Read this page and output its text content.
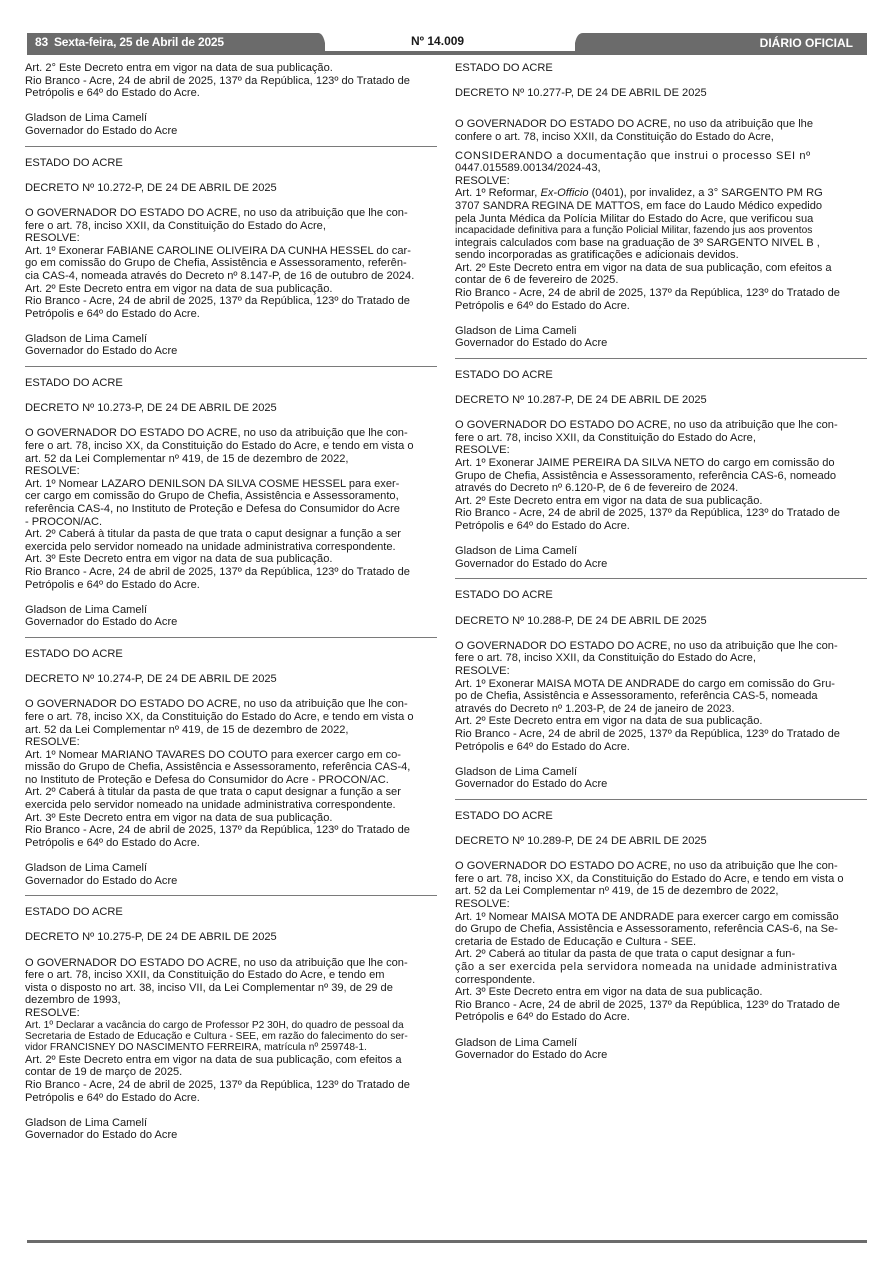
83 Sexta-feira, 25 de Abril de 2025	Nº 14.009	DIÁRIO OFICIAL

Art. 2° Este Decreto entra em vigor na data de sua publicação.

Rio Branco - Acre, 24 de abril de 2025, 137º da República, 123º do Tratado de

Petrópolis e 64º do Estado do Acre.

Gladson de Lima Camelí

Governador do Estado do Acre

ESTADO DO ACRE

DECRETO Nº 10.272-P, DE 24 DE ABRIL DE 2025

O GOVERNADOR DO ESTADO DO ACRE, no uso da atribuição que lhe con-

fere o art. 78, inciso XXII, da Constituição do Estado do Acre,

RESOLVE:

Art. 1º Exonerar FABIANE CAROLINE OLIVEIRA DA CUNHA HESSEL do car-

go em comissão do Grupo de Chefia, Assistência e Assessoramento, referên-

cia CAS-4, nomeada através do Decreto nº 8.147-P, de 16 de outubro de 2024.

Art. 2º Este Decreto entra em vigor na data de sua publicação.

Rio Branco - Acre, 24 de abril de 2025, 137º da República, 123º do Tratado de

Petrópolis e 64º do Estado do Acre.

Gladson de Lima Camelí

Governador do Estado do Acre

ESTADO DO ACRE

DECRETO Nº 10.273-P, DE 24 DE ABRIL DE 2025

O GOVERNADOR DO ESTADO DO ACRE, no uso da atribuição que lhe con-

fere o art. 78, inciso XX, da Constituição do Estado do Acre, e tendo em vista o

art. 52 da Lei Complementar nº 419, de 15 de dezembro de 2022,

RESOLVE:

Art. 1º Nomear LAZARO DENILSON DA SILVA COSME HESSEL para exer-

cer cargo em comissão do Grupo de Chefia, Assistência e Assessoramento,

referência CAS-4, no Instituto de Proteção e Defesa do Consumidor do Acre

- PROCON/AC.

Art. 2º Caberá à titular da pasta de que trata o caput designar a função a ser

exercida pelo servidor nomeado na unidade administrativa correspondente.

Art. 3º Este Decreto entra em vigor na data de sua publicação.

Rio Branco - Acre, 24 de abril de 2025, 137º da República, 123º do Tratado de

Petrópolis e 64º do Estado do Acre.

Gladson de Lima Camelí

Governador do Estado do Acre

ESTADO DO ACRE

DECRETO Nº 10.274-P, DE 24 DE ABRIL DE 2025

O GOVERNADOR DO ESTADO DO ACRE, no uso da atribuição que lhe con-

fere o art. 78, inciso XX, da Constituição do Estado do Acre, e tendo em vista o

art. 52 da Lei Complementar nº 419, de 15 de dezembro de 2022,

RESOLVE:

Art. 1º Nomear MARIANO TAVARES DO COUTO para exercer cargo em co-

missão do Grupo de Chefia, Assistência e Assessoramento, referência CAS-4,

no Instituto de Proteção e Defesa do Consumidor do Acre - PROCON/AC.

Art. 2º Caberá à titular da pasta de que trata o caput designar a função a ser

exercida pelo servidor nomeado na unidade administrativa correspondente.

Art. 3º Este Decreto entra em vigor na data de sua publicação.

Rio Branco - Acre, 24 de abril de 2025, 137º da República, 123º do Tratado de

Petrópolis e 64º do Estado do Acre.

Gladson de Lima Camelí

Governador do Estado do Acre

ESTADO DO ACRE

DECRETO Nº 10.275-P, DE 24 DE ABRIL DE 2025

O GOVERNADOR DO ESTADO DO ACRE, no uso da atribuição que lhe con-

fere o art. 78, inciso XXII, da Constituição do Estado do Acre, e tendo em

vista o disposto no art. 38, inciso VII, da Lei Complementar nº 39, de 29 de

dezembro de 1993,

RESOLVE:

Art. 1º Declarar a vacância do cargo de Professor P2 30H, do quadro de pessoal da

Secretaria de Estado de Educação e Cultura - SEE, em razão do falecimento do ser-

vidor FRANCISNEY DO NASCIMENTO FERREIRA, matrícula nº 259748-1.

Art. 2º Este Decreto entra em vigor na data de sua publicação, com efeitos a

contar de 19 de março de 2025.

Rio Branco - Acre, 24 de abril de 2025, 137º da República, 123º do Tratado de

Petrópolis e 64º do Estado do Acre.

Gladson de Lima Camelí

Governador do Estado do Acre

ESTADO DO ACRE

DECRETO Nº 10.277-P, DE 24 DE ABRIL DE 2025

O GOVERNADOR DO ESTADO DO ACRE, no uso da atribuição que lhe

confere o art. 78, inciso XXII, da Constituição do Estado do Acre,

CONSIDERANDO a documentação que instrui o processo SEI nº

0447.015589.00134/2024-43,

RESOLVE:

Art. 1º Reformar, Ex-Officio (0401), por invalidez, a 3° SARGENTO PM RG

3707 SANDRA REGINA DE MATTOS, em face do Laudo Médico expedido

pela Junta Médica da Polícia Militar do Estado do Acre, que verificou sua

incapacidade definitiva para a função Policial Militar, fazendo jus aos proventos

integrais calculados com base na graduação de 3º SARGENTO NIVEL B ,

sendo incorporadas as gratificações e adicionais devidos.

Art. 2º Este Decreto entra em vigor na data de sua publicação, com efeitos a

contar de 6 de fevereiro de 2025.

Rio Branco - Acre, 24 de abril de 2025, 137º da República, 123º do Tratado de

Petrópolis e 64º do Estado do Acre.

Gladson de Lima Cameli

Governador do Estado do Acre

ESTADO DO ACRE

DECRETO Nº 10.287-P, DE 24 DE ABRIL DE 2025

O GOVERNADOR DO ESTADO DO ACRE, no uso da atribuição que lhe con-

fere o art. 78, inciso XXII, da Constituição do Estado do Acre,

RESOLVE:

Art. 1º Exonerar JAIME PEREIRA DA SILVA NETO do cargo em comissão do

Grupo de Chefia, Assistência e Assessoramento, referência CAS-6, nomeado

através do Decreto nº 6.120-P, de 6 de fevereiro de 2024.

Art. 2º Este Decreto entra em vigor na data de sua publicação.

Rio Branco - Acre, 24 de abril de 2025, 137º da República, 123º do Tratado de

Petrópolis e 64º do Estado do Acre.

Gladson de Lima Camelí

Governador do Estado do Acre

ESTADO DO ACRE

DECRETO Nº 10.288-P, DE 24 DE ABRIL DE 2025

O GOVERNADOR DO ESTADO DO ACRE, no uso da atribuição que lhe con-

fere o art. 78, inciso XXII, da Constituição do Estado do Acre,

RESOLVE:

Art. 1º Exonerar MAISA MOTA DE ANDRADE do cargo em comissão do Gru-

po de Chefia, Assistência e Assessoramento, referência CAS-5, nomeada

através do Decreto nº 1.203-P, de 24 de janeiro de 2023.

Art. 2º Este Decreto entra em vigor na data de sua publicação.

Rio Branco - Acre, 24 de abril de 2025, 137º da República, 123º do Tratado de

Petrópolis e 64º do Estado do Acre.

Gladson de Lima Camelí

Governador do Estado do Acre

ESTADO DO ACRE

DECRETO Nº 10.289-P, DE 24 DE ABRIL DE 2025

O GOVERNADOR DO ESTADO DO ACRE, no uso da atribuição que lhe con-

fere o art. 78, inciso XX, da Constituição do Estado do Acre, e tendo em vista o

art. 52 da Lei Complementar nº 419, de 15 de dezembro de 2022,

RESOLVE:

Art. 1º Nomear MAISA MOTA DE ANDRADE para exercer cargo em comissão

do Grupo de Chefia, Assistência e Assessoramento, referência CAS-6, na Se-

cretaria de Estado de Educação e Cultura - SEE.

Art. 2º Caberá ao titular da pasta de que trata o caput designar a fun-

ção a ser exercida pela servidora nomeada na unidade administrativa

correspondente.

Art. 3º Este Decreto entra em vigor na data de sua publicação.

Rio Branco - Acre, 24 de abril de 2025, 137º da República, 123º do Tratado de

Petrópolis e 64º do Estado do Acre.

Gladson de Lima Camelí

Governador do Estado do Acre
